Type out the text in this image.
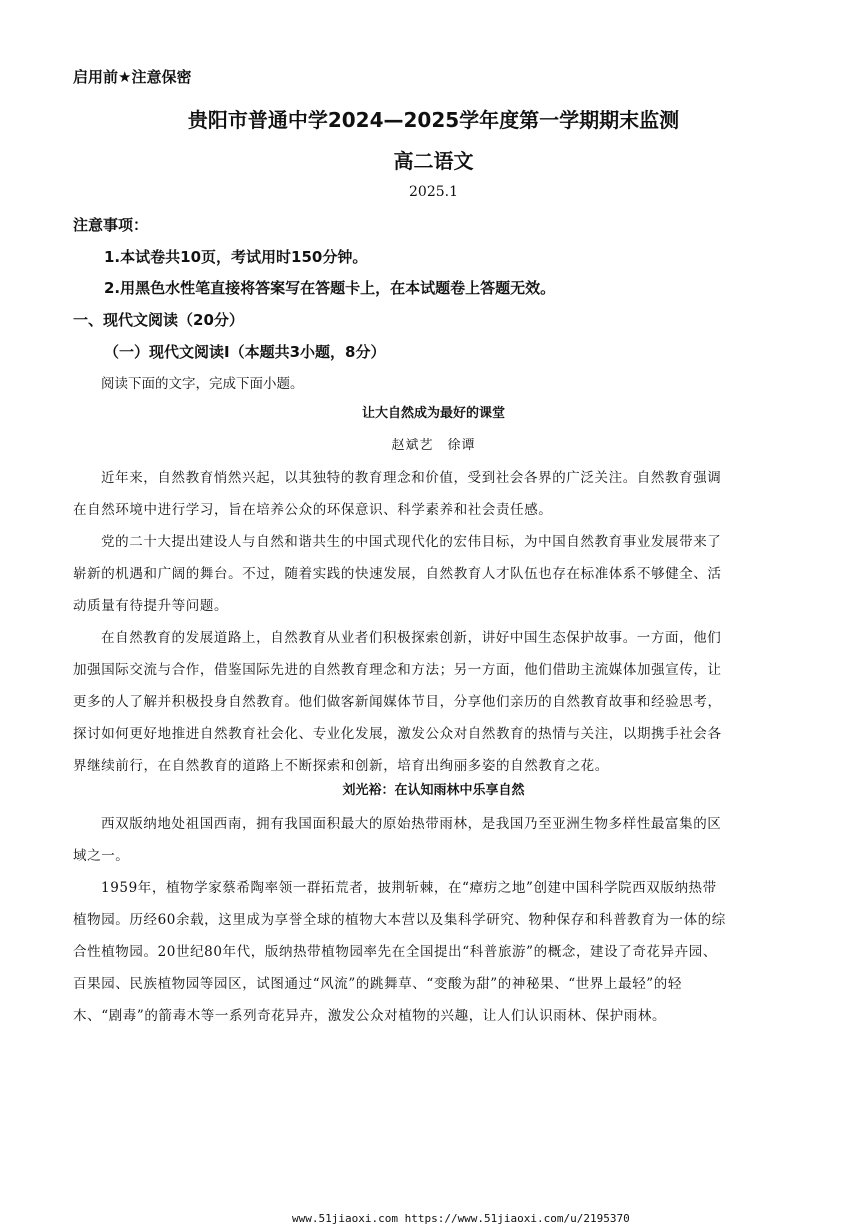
启用前★注意保密
贵阳市普通中学2024—2025学年度第一学期期末监测
高二语文
2025.1
注意事项：
1.本试卷共10页，考试用时150分钟。
2.用黑色水性笔直接将答案写在答题卡上，在本试题卷上答题无效。
一、现代文阅读（20分）
（一）现代文阅读Ⅰ（本题共3小题，8分）
阅读下面的文字，完成下面小题。
让大自然成为最好的课堂
赵斌艺　徐谭
近年来，自然教育悄然兴起，以其独特的教育理念和价值，受到社会各界的广泛关注。自然教育强调
在自然环境中进行学习，旨在培养公众的环保意识、科学素养和社会责任感。
党的二十大提出建设人与自然和谐共生的中国式现代化的宏伟目标，为中国自然教育事业发展带来了
崭新的机遇和广阔的舞台。不过，随着实践的快速发展，自然教育人才队伍也存在标准体系不够健全、活
动质量有待提升等问题。
在自然教育的发展道路上，自然教育从业者们积极探索创新，讲好中国生态保护故事。一方面，他们
加强国际交流与合作，借鉴国际先进的自然教育理念和方法；另一方面，他们借助主流媒体加强宣传，让
更多的人了解并积极投身自然教育。他们做客新闻媒体节目，分享他们亲历的自然教育故事和经验思考，
探讨如何更好地推进自然教育社会化、专业化发展，激发公众对自然教育的热情与关注，以期携手社会各
界继续前行，在自然教育的道路上不断探索和创新，培育出绚丽多姿的自然教育之花。
刘光裕：在认知雨林中乐享自然
西双版纳地处祖国西南，拥有我国面积最大的原始热带雨林，是我国乃至亚洲生物多样性最富集的区
域之一。
1959年，植物学家蔡希陶率领一群拓荒者，披荆斩棘，在“瘴疠之地”创建中国科学院西双版纳热带
植物园。历经60余载，这里成为享誉全球的植物大本营以及集科学研究、物种保存和科普教育为一体的综
合性植物园。20世纪80年代，版纳热带植物园率先在全国提出“科普旅游”的概念，建设了奇花异卉园、
百果园、民族植物园等园区，试图通过“风流”的跳舞草、“变酸为甜”的神秘果、“世界上最轻”的轻
木、“剧毒”的箭毒木等一系列奇花异卉，激发公众对植物的兴趣，让人们认识雨林、保护雨林。
www.51jiaoxi.com https://www.51jiaoxi.com/u/2195370
